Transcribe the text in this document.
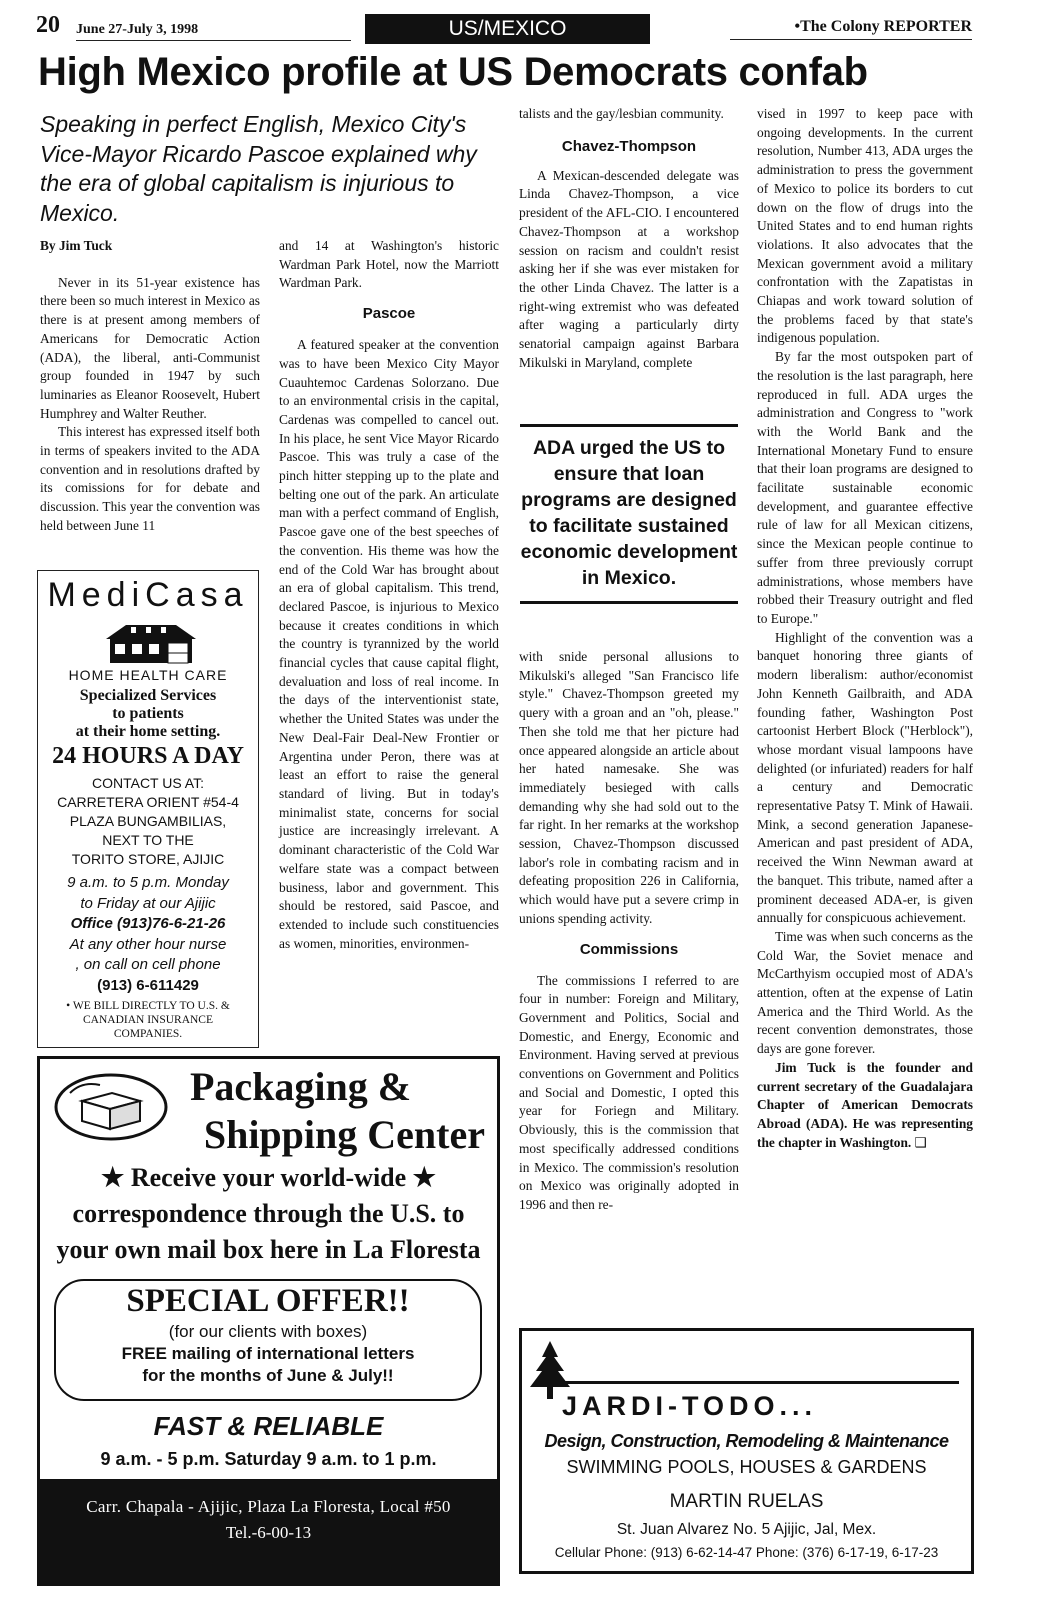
20 June 27-July 3, 1998	US/MEXICO	•The Colony REPORTER
High Mexico profile at US Democrats confab
Speaking in perfect English, Mexico City's Vice-Mayor Ricardo Pascoe explained why the era of global capitalism is injurious to Mexico.

By Jim Tuck

Never in its 51-year existence has there been so much interest in Mexico as there is at present among members of Americans for Democratic Action (ADA), the liberal, anti-Communist group founded in 1947 by such luminaries as Eleanor Roosevelt, Hubert Humphrey and Walter Reuther.

This interest has expressed itself both in terms of speakers invited to the ADA convention and in resolutions drafted by its comissions for for debate and discussion. This year the convention was held between June 11

and 14 at Washington's historic Wardman Park Hotel, now the Marriott Wardman Park.

Pascoe

A featured speaker at the convention was to have been Mexico City Mayor Cuauhtemoc Cardenas Solorzano. Due to an environmental crisis in the capital, Cardenas was compelled to cancel out. In his place, he sent Vice Mayor Ricardo Pascoe. This was truly a case of the pinch hitter stepping up to the plate and belting one out of the park. An articulate man with a perfect command of English, Pascoe gave one of the best speeches of the convention. His theme was how the end of the Cold War has brought about an era of global capitalism. This trend, declared Pascoe, is injurious to Mexico because it creates conditions in which the country is tyrannized by the world financial cycles that cause capital flight, devaluation and loss of real income. In the days of the interventionist state, whether the United States was under the New Deal-Fair Deal-New Frontier or Argentina under Peron, there was at least an effort to raise the general standard of living. But in today's minimalist state, concerns for social justice are increasingly irrelevant. A dominant characteristic of the Cold War welfare state was a compact between business, labor and government. This should be restored, said Pascoe, and extended to include such constituencies as women, minorities, environmen-

talists and the gay/lesbian community.

Chavez-Thompson

A Mexican-descended delegate was Linda Chavez-Thompson, a vice president of the AFL-CIO. I encountered Chavez-Thompson at a workshop session on racism and couldn't resist asking her if she was ever mistaken for the other Linda Chavez. The latter is a right-wing extremist who was defeated after waging a particularly dirty senatorial campaign against Barbara Mikulski in Maryland, complete

ADA urged the US to ensure that loan programs are designed to facilitate sustained economic development in Mexico.

with snide personal allusions to Mikulski's alleged "San Francisco life style." Chavez-Thompson greeted my query with a groan and an "oh, please." Then she told me that her picture had once appeared alongside an article about her hated namesake. She was immediately besieged with calls demanding why she had sold out to the far right. In her remarks at the workshop session, Chavez-Thompson discussed labor's role in combating racism and in defeating proposition 226 in California, which would have put a severe crimp in unions spending activity.

Commissions

The commissions I referred to are four in number: Foreign and Military, Government and Politics, Social and Domestic, and Energy, Economic and Environment. Having served at previous conventions on Government and Politics and Social and Domestic, I opted this year for Foriegn and Military. Obviously, this is the commission that most specifically addressed conditions in Mexico. The commission's resolution on Mexico was originally adopted in 1996 and then re-

vised in 1997 to keep pace with ongoing developments. In the current resolution, Number 413, ADA urges the administration to press the government of Mexico to police its borders to cut down on the flow of drugs into the United States and to end human rights violations. It also advocates that the Mexican government avoid a military confrontation with the Zapatistas in Chiapas and work toward solution of the problems faced by that state's indigenous population.

By far the most outspoken part of the resolution is the last paragraph, here reproduced in full. ADA urges the administration and Congress to "work with the World Bank and the International Monetary Fund to ensure that their loan programs are designed to facilitate sustainable economic development, and guarantee effective rule of law for all Mexican citizens, since the Mexican people continue to suffer from three previously corrupt administrations, whose members have robbed their Treasury outright and fled to Europe."

Highlight of the convention was a banquet honoring three giants of modern liberalism: author/economist John Kenneth Gailbraith, and ADA founding father, Washington Post cartoonist Herbert Block ("Herblock"), whose mordant visual lampoons have delighted (or infuriated) readers for half a century and Democratic representative Patsy T. Mink of Hawaii. Mink, a second generation Japanese-American and past president of ADA, received the Winn Newman award at the banquet. This tribute, named after a prominent deceased ADA-er, is given annually for conspicuous achievement.

Time was when such concerns as the Cold War, the Soviet menace and McCarthyism occupied most of ADA's attention, often at the expense of Latin America and the Third World. As the recent convention demonstrates, those days are gone forever.

Jim Tuck is the founder and current secretary of the Guadalajara Chapter of American Democrats Abroad (ADA). He was representing the chapter in Washington. ❑

MediCasa
HOME HEALTH CARE
Specialized Services
to patients
at their home setting.
24 HOURS A DAY
CONTACT US AT:
CARRETERA ORIENT #54-4
PLAZA BUNGAMBILIAS,
NEXT TO THE
TORITO STORE, AJIJIC
9 a.m. to 5 p.m. Monday
to Friday at our Ajijic
Office (913)76-6-21-26
At any other hour nurse
, on call on cell phone
(913) 6-611429
• WE BILL DIRECTLY TO U.S. &
CANADIAN INSURANCE
COMPANIES.
Packaging &
Shipping Center
★ Receive your world-wide ★
correspondence through the U.S. to
your own mail box here in La Floresta
SPECIAL OFFER!!
(for our clients with boxes)
FREE mailing of international letters
for the months of June & July!!
FAST & RELIABLE
9 a.m. - 5 p.m. Saturday 9 a.m. to 1 p.m.
Carr. Chapala - Ajijic, Plaza La Floresta, Local #50
Tel.-6-00-13
JARDI-TODO...
Design, Construction, Remodeling & Maintenance
SWIMMING POOLS, HOUSES & GARDENS
MARTIN RUELAS
St. Juan Alvarez No. 5 Ajijic, Jal, Mex.
Cellular Phone: (913) 6-62-14-47 Phone: (376) 6-17-19, 6-17-23
